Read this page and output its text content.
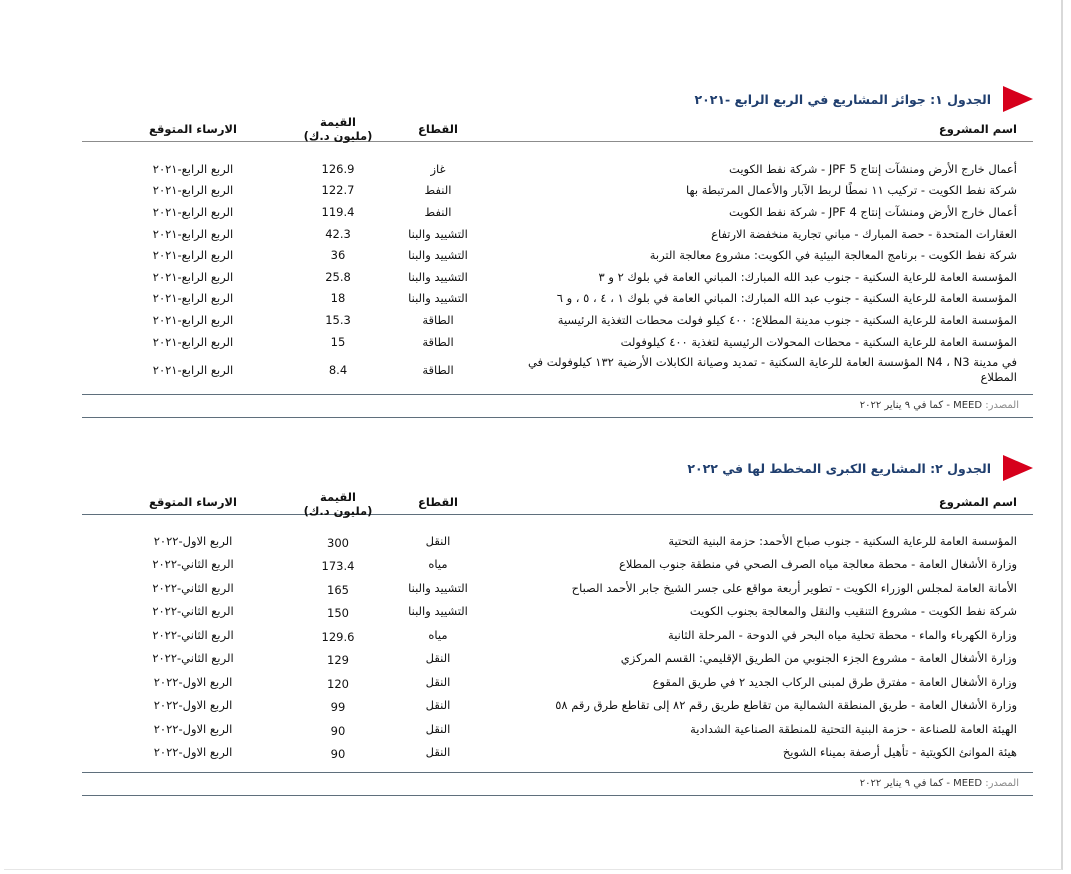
الجدول ١: جوائز المشاريع في الربع الرابع -٢٠٢١
اسم المشروع
القطاع
القيمة (مليون د.ك)
الارساء المتوقع
أعمال خارج الأرض ومنشآت إنتاج JPF 5 - شركة نفط الكويت
غاز
126.9
الربع الرابع-٢٠٢١
شركة نفط الكويت - تركيب ١١ نمطًا لربط الآبار والأعمال المرتبطة بها
النفط
122.7
الربع الرابع-٢٠٢١
أعمال خارج الأرض ومنشآت إنتاج JPF 4 - شركة نفط الكويت
النفط
119.4
الربع الرابع-٢٠٢١
العقارات المتحدة - حصة المبارك - مباني تجارية منخفضة الارتفاع
التشييد والبنا
42.3
الربع الرابع-٢٠٢١
شركة نفط الكويت - برنامج المعالجة البيئية في الكويت: مشروع معالجة التربة
التشييد والبنا
36
الربع الرابع-٢٠٢١
المؤسسة العامة للرعاية السكنية - جنوب عبد الله المبارك: المباني العامة في بلوك ٢ و ٣
التشييد والبنا
25.8
الربع الرابع-٢٠٢١
المؤسسة العامة للرعاية السكنية - جنوب عبد الله المبارك: المباني العامة في بلوك ١ ، ٤ ، ٥ ، و ٦
التشييد والبنا
18
الربع الرابع-٢٠٢١
المؤسسة العامة للرعاية السكنية - جنوب مدينة المطلاع: ٤٠٠ كيلو فولت محطات التغذية الرئيسية
الطاقة
15.3
الربع الرابع-٢٠٢١
المؤسسة العامة للرعاية السكنية - محطات المحولات الرئيسية لتغذية ٤٠٠ كيلوفولت
الطاقة
15
الربع الرابع-٢٠٢١
في مدينة N4 ، N3 المؤسسة العامة للرعاية السكنية - تمديد وصيانة الكابلات الأرضية ١٣٢ كيلوفولت في المطلاع
الطاقة
8.4
الربع الرابع-٢٠٢١
المصدر: MEED - كما في ٩ يناير ٢٠٢٢
الجدول ٢: المشاريع الكبرى المخطط لها في ٢٠٢٢
اسم المشروع
القطاع
القيمة (مليون د.ك)
الارساء المتوقع
المؤسسة العامة للرعاية السكنية - جنوب صباح الأحمد: حزمة البنية التحتية
النقل
300
الربع الاول-٢٠٢٢
وزارة الأشغال العامة - محطة معالجة مياه الصرف الصحي في منطقة جنوب المطلاع
مياه
173.4
الربع الثاني-٢٠٢٢
الأمانة العامة لمجلس الوزراء الكويت - تطوير أربعة مواقع على جسر الشيخ جابر الأحمد الصباح
التشييد والبنا
165
الربع الثاني-٢٠٢٢
شركة نفط الكويت - مشروع التنقيب والنقل والمعالجة بجنوب الكويت
التشييد والبنا
150
الربع الثاني-٢٠٢٢
وزارة الكهرباء والماء - محطة تحلية مياه البحر في الدوحة - المرحلة الثانية
مياه
129.6
الربع الثاني-٢٠٢٢
وزارة الأشغال العامة - مشروع الجزء الجنوبي من الطريق الإقليمي: القسم المركزي
النقل
129
الربع الثاني-٢٠٢٢
وزارة الأشغال العامة - مفترق طرق لمبنى الركاب الجديد ٢ في طريق المقوع
النقل
120
الربع الاول-٢٠٢٢
وزارة الأشغال العامة - طريق المنطقة الشمالية من تقاطع طريق رقم ٨٢ إلى تقاطع طرق رقم ٥٨
النقل
99
الربع الاول-٢٠٢٢
الهيئة العامة للصناعة - حزمة البنية التحتية للمنطقة الصناعية الشدادية
النقل
90
الربع الاول-٢٠٢٢
هيئة الموانئ الكويتية - تأهيل أرصفة بميناء الشويخ
النقل
90
الربع الاول-٢٠٢٢
المصدر: MEED - كما في ٩ يناير ٢٠٢٢
